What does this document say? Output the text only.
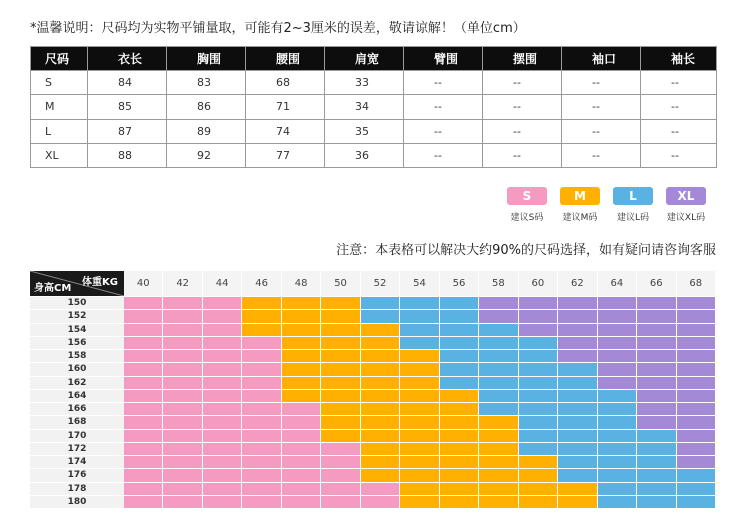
*温馨说明：尺码均为实物平铺量取，可能有2~3厘米的误差，敬请谅解！（单位cm）
尺码	衣长	胸围	腰围	肩宽	臂围	摆围	袖口	袖长
S	84	83	68	33	--	--	--	--
M	85	86	71	34	--	--	--	--
L	87	89	74	35	--	--	--	--
XL	88	92	77	36	--	--	--	--
S
建议S码
M
建议M码
L
建议L码
XL
建议XL码
注意：本表格可以解决大约90%的尺码选择，如有疑问请咨询客服
体重KG
身高CM	40	42	44	46	48	50	52	54	56	58	60	62	64	66	68
150
152
154
156
158
160
162
164
166
168
170
172
174
176
178
180
